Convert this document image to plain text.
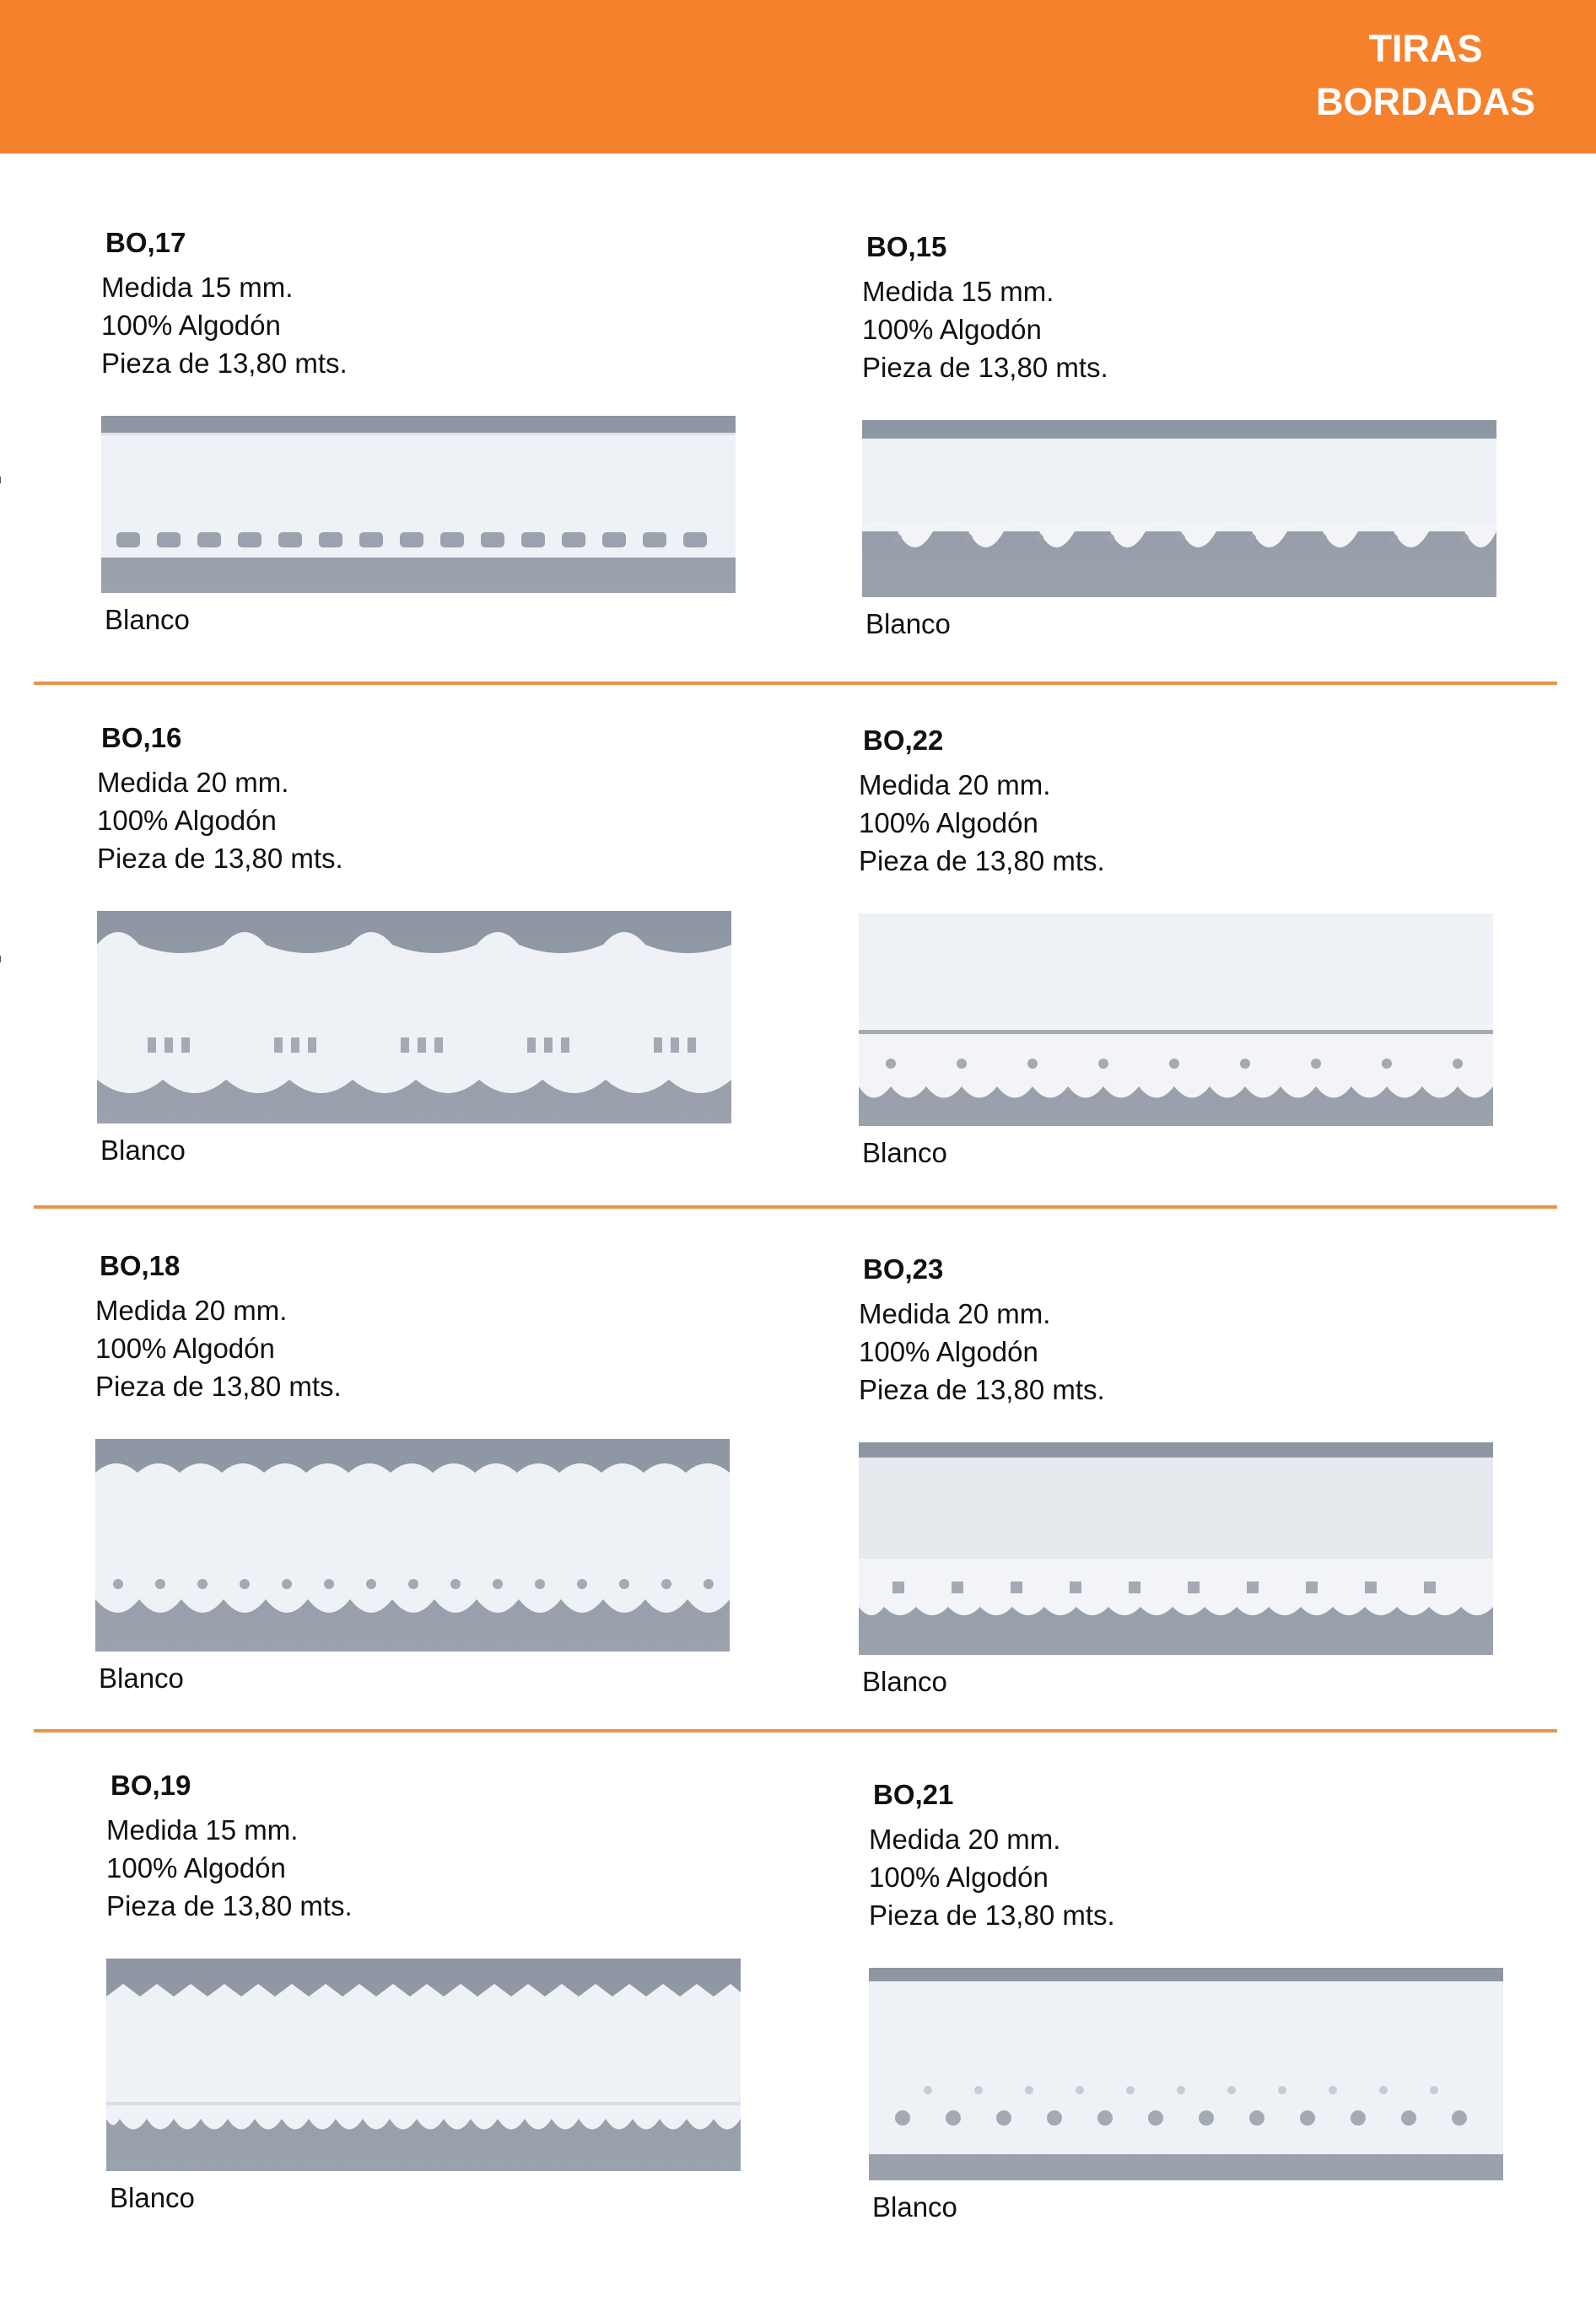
TIRAS
BORDADAS
BO,17
Medida 15 mm.
100% Algodón
Pieza de 13,80 mts.
Blanco
BO,15
Medida 15 mm.
100% Algodón
Pieza de 13,80 mts.
Blanco
BO,16
Medida 20 mm.
100% Algodón
Pieza de 13,80 mts.
Blanco
BO,22
Medida 20 mm.
100% Algodón
Pieza de 13,80 mts.
Blanco
BO,18
Medida 20 mm.
100% Algodón
Pieza de 13,80 mts.
Blanco
BO,23
Medida 20 mm.
100% Algodón
Pieza de 13,80 mts.
Blanco
BO,19
Medida 15 mm.
100% Algodón
Pieza de 13,80 mts.
Blanco
BO,21
Medida 20 mm.
100% Algodón
Pieza de 13,80 mts.
Blanco
